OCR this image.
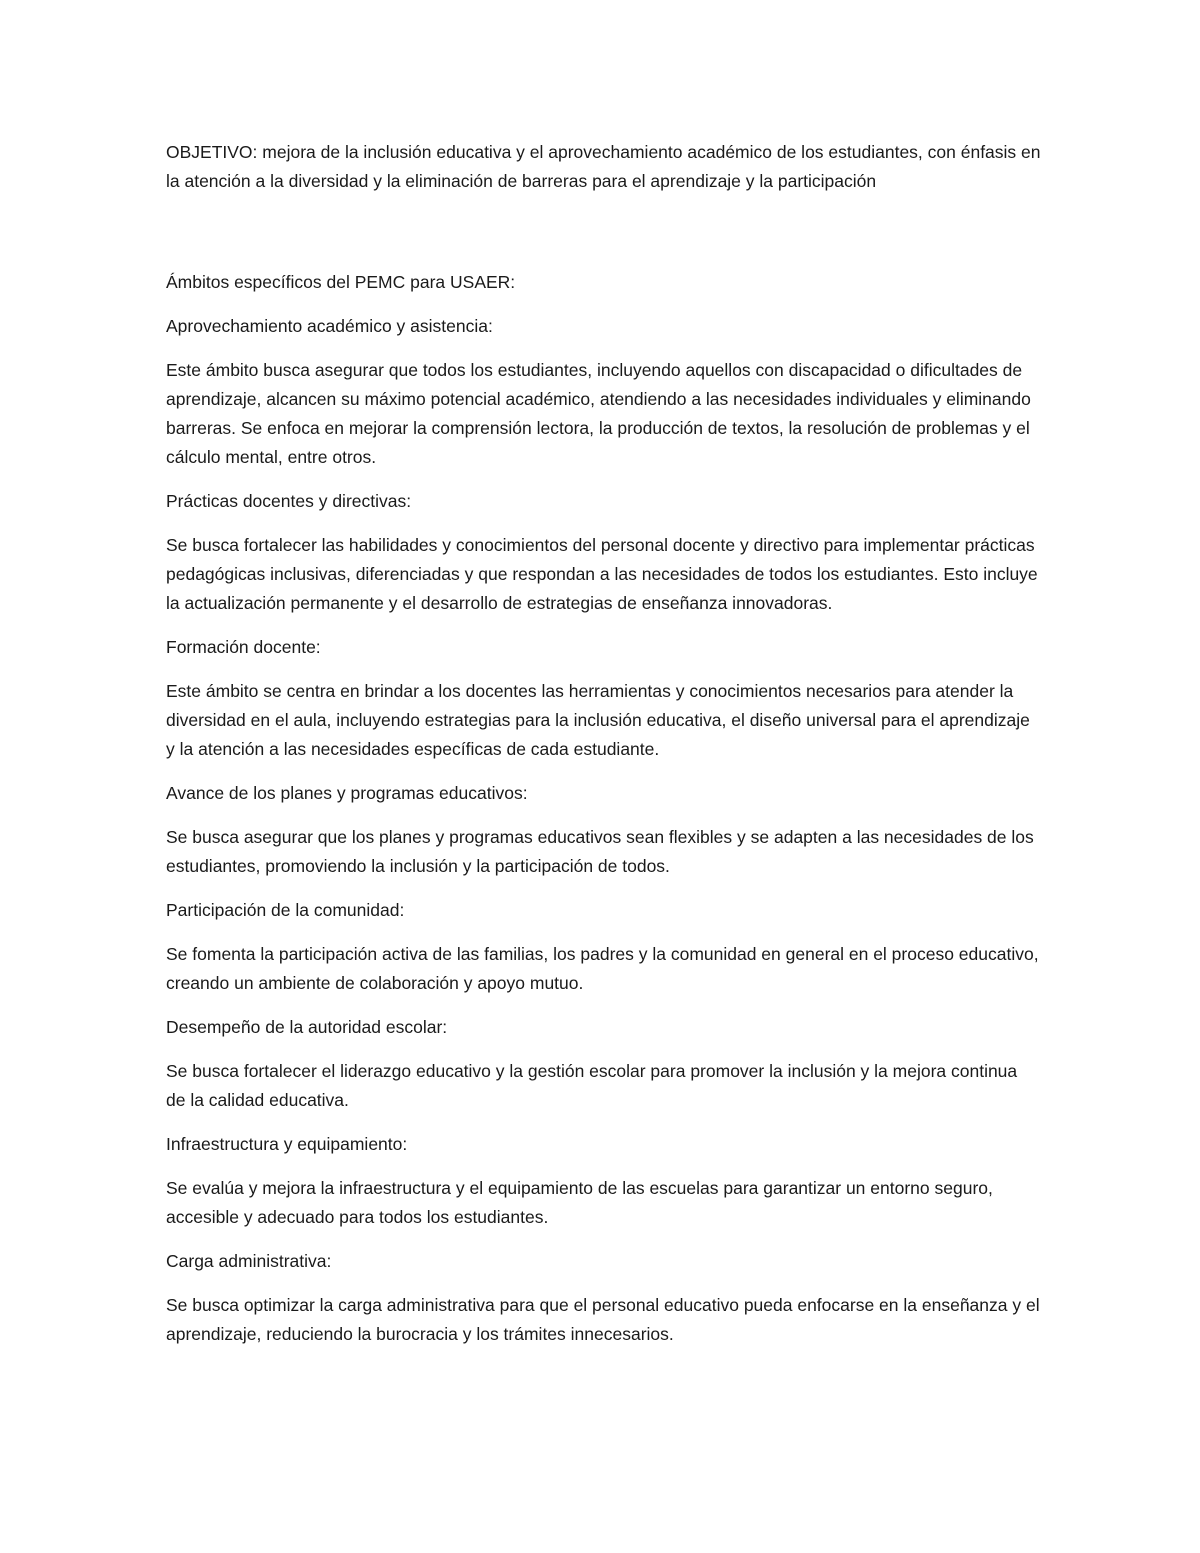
OBJETIVO: mejora de la inclusión educativa y el aprovechamiento académico de los estudiantes, con énfasis en la atención a la diversidad y la eliminación de barreras para el aprendizaje y la participación

Ámbitos específicos del PEMC para USAER:

Aprovechamiento académico y asistencia:

Este ámbito busca asegurar que todos los estudiantes, incluyendo aquellos con discapacidad o dificultades de aprendizaje, alcancen su máximo potencial académico, atendiendo a las necesidades individuales y eliminando barreras. Se enfoca en mejorar la comprensión lectora, la producción de textos, la resolución de problemas y el cálculo mental, entre otros.

Prácticas docentes y directivas:

Se busca fortalecer las habilidades y conocimientos del personal docente y directivo para implementar prácticas pedagógicas inclusivas, diferenciadas y que respondan a las necesidades de todos los estudiantes. Esto incluye la actualización permanente y el desarrollo de estrategias de enseñanza innovadoras.

Formación docente:

Este ámbito se centra en brindar a los docentes las herramientas y conocimientos necesarios para atender la diversidad en el aula, incluyendo estrategias para la inclusión educativa, el diseño universal para el aprendizaje y la atención a las necesidades específicas de cada estudiante.

Avance de los planes y programas educativos:

Se busca asegurar que los planes y programas educativos sean flexibles y se adapten a las necesidades de los estudiantes, promoviendo la inclusión y la participación de todos.

Participación de la comunidad:

Se fomenta la participación activa de las familias, los padres y la comunidad en general en el proceso educativo, creando un ambiente de colaboración y apoyo mutuo.

Desempeño de la autoridad escolar:

Se busca fortalecer el liderazgo educativo y la gestión escolar para promover la inclusión y la mejora continua de la calidad educativa.

Infraestructura y equipamiento:

Se evalúa y mejora la infraestructura y el equipamiento de las escuelas para garantizar un entorno seguro, accesible y adecuado para todos los estudiantes.

Carga administrativa:

Se busca optimizar la carga administrativa para que el personal educativo pueda enfocarse en la enseñanza y el aprendizaje, reduciendo la burocracia y los trámites innecesarios.
